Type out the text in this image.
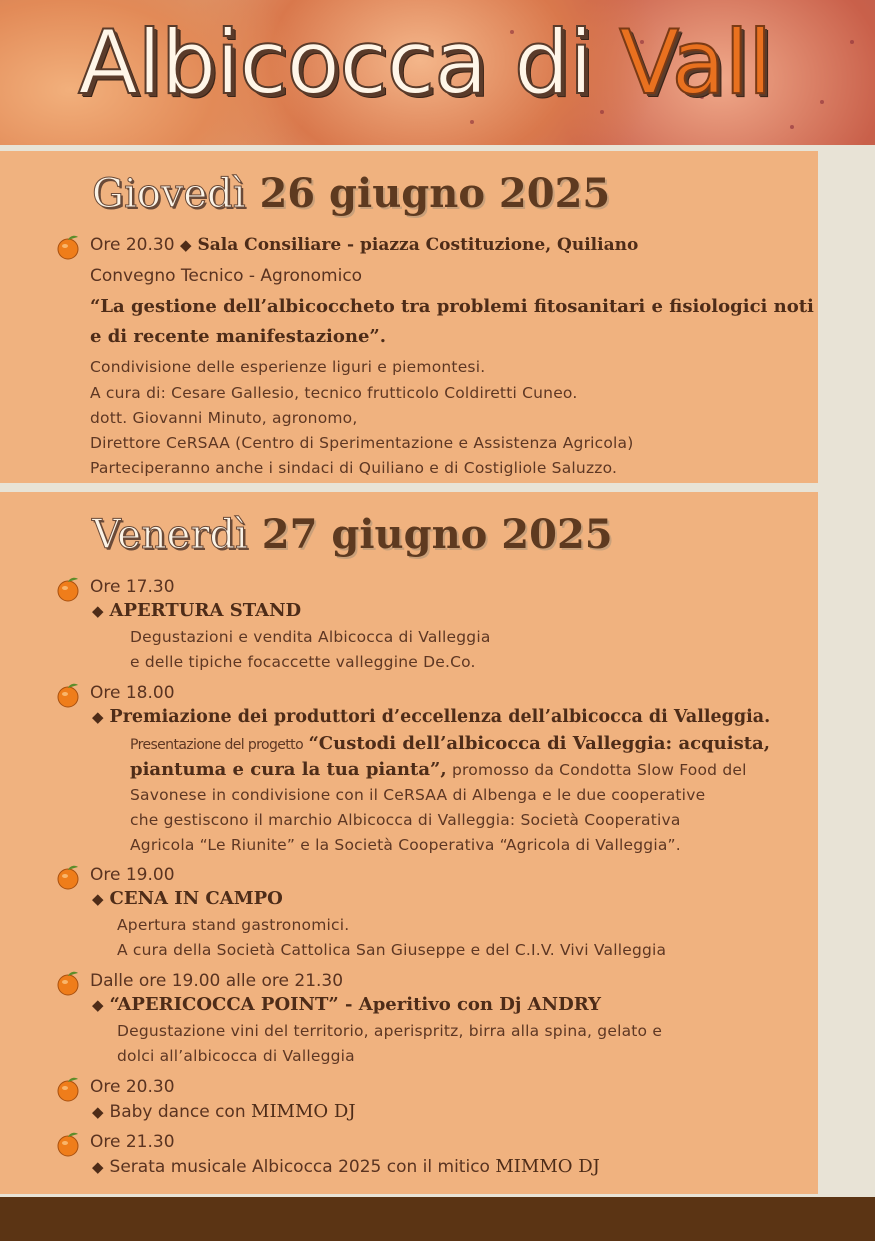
Albicocca di Vall
Giovedì 26 giugno 2025
Ore 20.30 ◆ Sala Consiliare - piazza Costituzione, Quiliano
Convegno Tecnico - Agronomico
“La gestione dell’albicoccheto tra problemi fitosanitari e fisiologici noti
e di recente manifestazione”.
Condivisione delle esperienze liguri e piemontesi.
A cura di: Cesare Gallesio, tecnico frutticolo Coldiretti Cuneo.
dott. Giovanni Minuto, agronomo,
Direttore CeRSAA (Centro di Sperimentazione e Assistenza Agricola)
Parteciperanno anche i sindaci di Quiliano e di Costigliole Saluzzo.
Venerdì 27 giugno 2025
Ore 17.30
◆ APERTURA STAND
Degustazioni e vendita Albicocca di Valleggia
e delle tipiche focaccette valleggine De.Co.
Ore 18.00
◆ Premiazione dei produttori d’eccellenza dell’albicocca di Valleggia.
Presentazione del progetto “Custodi dell’albicocca di Valleggia: acquista,
piantuma e cura la tua pianta”, promosso da Condotta Slow Food del
Savonese in condivisione con il CeRSAA di Albenga e le due cooperative
che gestiscono il marchio Albicocca di Valleggia: Società Cooperativa
Agricola “Le Riunite” e la Società Cooperativa “Agricola di Valleggia”.
Ore 19.00
◆ CENA IN CAMPO
Apertura stand gastronomici.
A cura della Società Cattolica San Giuseppe e del C.I.V. Vivi Valleggia
Dalle ore 19.00 alle ore 21.30
◆ “APERICOCCA POINT” - Aperitivo con Dj ANDRY
Degustazione vini del territorio, aperispritz, birra alla spina, gelato e
dolci all’albicocca di Valleggia
Ore 20.30
◆ Baby dance con MIMMO DJ
Ore 21.30
◆ Serata musicale Albicocca 2025 con il mitico MIMMO DJ
